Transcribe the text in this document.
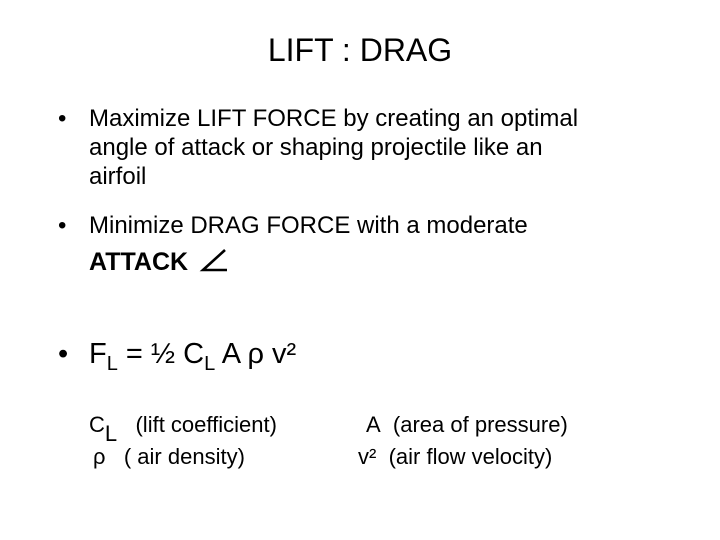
LIFT : DRAG
• Maximize LIFT FORCE by creating an optimal
angle of attack or shaping projectile like an
airfoil
• Minimize DRAG FORCE with a moderate
ATTACK
• $F_L$ = ½ $C_L$ A ρ v²
$C_L$ (lift coefficient)
ρ ( air density)
A (area of pressure)
v² (air flow velocity)
